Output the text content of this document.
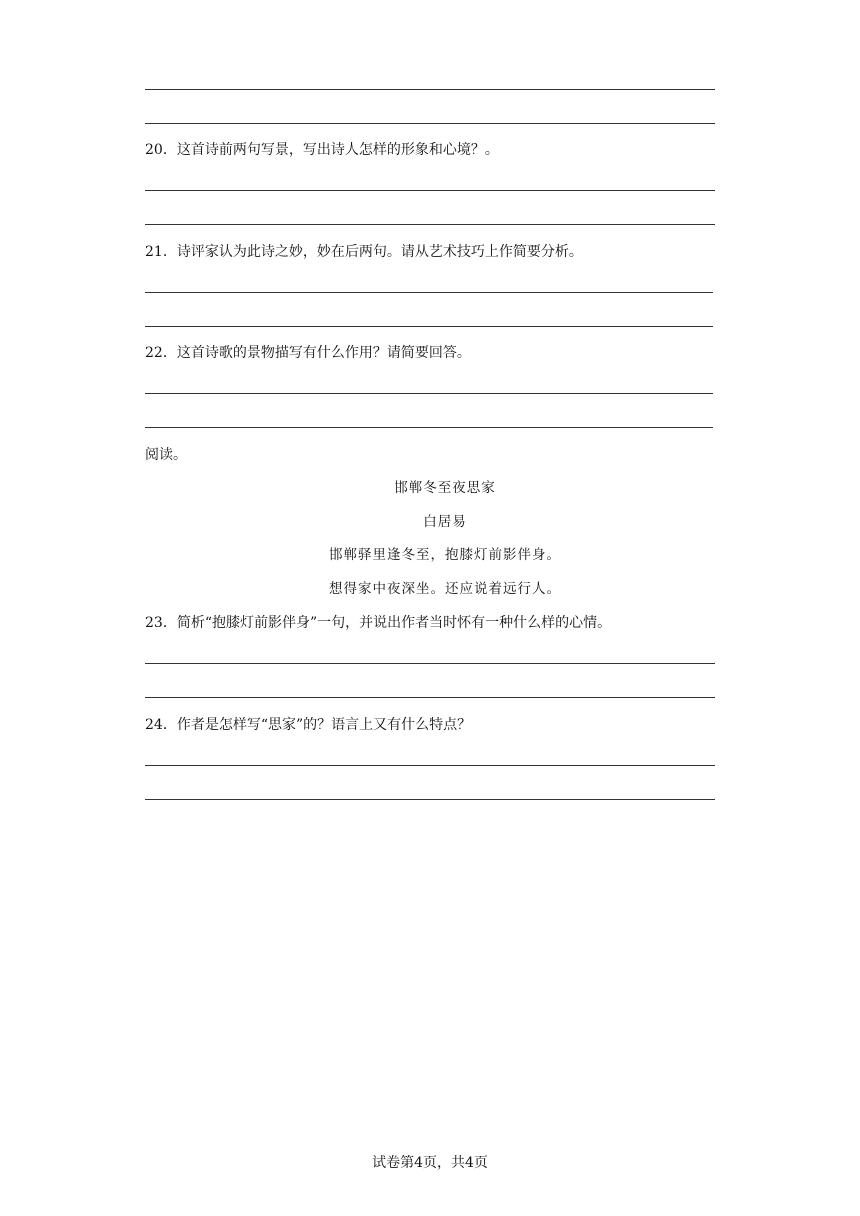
20．这首诗前两句写景，写出诗人怎样的形象和心境？。
21．诗评家认为此诗之妙，妙在后两句。请从艺术技巧上作简要分析。
22．这首诗歌的景物描写有什么作用？请简要回答。
阅读。
邯郸冬至夜思家
白居易
邯郸驿里逢冬至，抱膝灯前影伴身。
想得家中夜深坐。还应说着远行人。
23．简析“抱膝灯前影伴身”一句，并说出作者当时怀有一种什么样的心情。
24．作者是怎样写“思家”的？语言上又有什么特点？
试卷第4页，共4页
